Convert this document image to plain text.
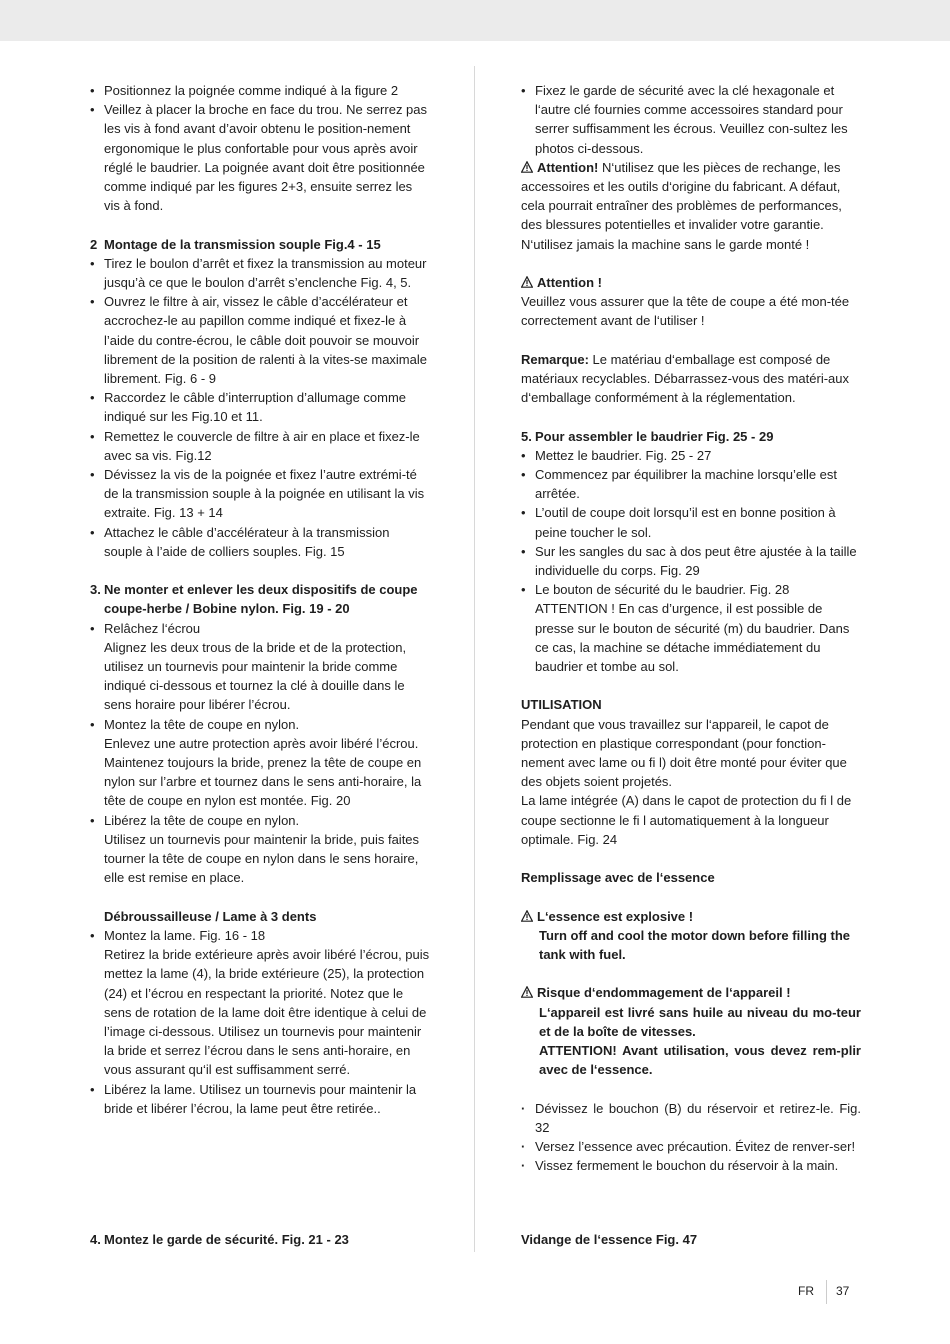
• Positionnez la poignée comme indiqué à la figure 2

• Veillez à placer la broche en face du trou. Ne serrez pas les vis à fond avant d’avoir obtenu le position-nement ergonomique le plus confortable pour vous après avoir réglé le baudrier. La poignée avant doit être positionnée comme indiqué par les figures 2+3, ensuite serrez les vis à fond.

2 Montage de la transmission souple Fig.4 - 15

• Tirez le boulon d’arrêt et fixez la transmission au moteur jusqu’à ce que le boulon d’arrêt s’enclenche Fig. 4, 5.

• Ouvrez le filtre à air, vissez le câble d’accélérateur et accrochez-le au papillon comme indiqué et fixez-le à l’aide du contre-écrou, le câble doit pouvoir se mouvoir librement de la position de ralenti à la vites-se maximale librement. Fig. 6 - 9

• Raccordez le câble d’interruption d’allumage comme indiqué sur les Fig.10 et 11.

• Remettez le couvercle de filtre à air en place et fixez-le avec sa vis. Fig.12

• Dévissez la vis de la poignée et fixez l’autre extrémi-té de la transmission souple à la poignée en utilisant la vis extraite. Fig. 13 + 14

• Attachez le câble d’accélérateur à la transmission souple à l’aide de colliers souples. Fig. 15

3. Ne monter et enlever les deux dispositifs de coupe coupe-herbe / Bobine nylon. Fig. 19 - 20

• Relâchez l‘écrou

Alignez les deux trous de la bride et de la protection, utilisez un tournevis pour maintenir la bride comme indiqué ci-dessous et tournez la clé à douille dans le sens horaire pour libérer l’écrou.

• Montez la tête de coupe en nylon.

Enlevez une autre protection après avoir libéré l’écrou. Maintenez toujours la bride, prenez la tête de coupe en nylon sur l’arbre et tournez dans le sens anti-horaire, la tête de coupe en nylon est montée. Fig. 20

• Libérez la tête de coupe en nylon.

Utilisez un tournevis pour maintenir la bride, puis faites tourner la tête de coupe en nylon dans le sens horaire, elle est remise en place.

Débroussailleuse / Lame à 3 dents

• Montez la lame. Fig. 16 - 18

Retirez la bride extérieure après avoir libéré l’écrou, puis mettez la lame (4), la bride extérieure (25), la protection (24) et l’écrou en respectant la priorité. Notez que le sens de rotation de la lame doit être identique à celui de l’image ci-dessous. Utilisez un tournevis pour maintenir la bride et serrez l’écrou dans le sens anti-horaire, en vous assurant qu‘il est suffisamment serré.

• Libérez la lame. Utilisez un tournevis pour maintenir la bride et libérer l’écrou, la lame peut être retirée..

4. Montez le garde de sécurité. Fig. 21 - 23

• Fixez le garde de sécurité avec la clé hexagonale et l‘autre clé fournies comme accessoires standard pour serrer suffisamment les écrous. Veuillez con-sultez les photos ci-dessous.

Attention! N‘utilisez que les pièces de rechange, les accessoires et les outils d‘origine du fabricant. A défaut, cela pourrait entraîner des problèmes de performances, des blessures potentielles et invalider votre garantie. N‘utilisez jamais la machine sans le garde monté !

Attention !

Veuillez vous assurer que la tête de coupe a été mon-tée correctement avant de l‘utiliser !

Remarque: Le matériau d‘emballage est composé de matériaux recyclables. Débarrassez-vous des matéri-aux d‘emballage conformément à la réglementation.

5. Pour assembler le baudrier Fig. 25 - 29

• Mettez le baudrier. Fig. 25 - 27

• Commencez par équilibrer la machine lorsqu’elle est arrêtée.

• L’outil de coupe doit lorsqu’il est en bonne position à peine toucher le sol.

• Sur les sangles du sac à dos peut être ajustée à la taille individuelle du corps. Fig. 29

• Le bouton de sécurité du le baudrier. Fig. 28

ATTENTION ! En cas d’urgence, il est possible de presse sur le bouton de sécurité (m) du baudrier. Dans ce cas, la machine se détache immédiatement du baudrier et tombe au sol.

UTILISATION

Pendant que vous travaillez sur l‘appareil, le capot de protection en plastique correspondant (pour fonction-nement avec lame ou fi l) doit être monté pour éviter que des objets soient projetés.

La lame intégrée (A) dans le capot de protection du fi l de coupe sectionne le fi l automatiquement à la longueur optimale. Fig. 24

Remplissage avec de l‘essence

L‘essence est explosive !

Turn off and cool the motor down before filling the tank with fuel.

Risque d‘endommagement de l‘appareil !

L‘appareil est livré sans huile au niveau du mo-teur et de la boîte de vitesses.

ATTENTION! Avant utilisation, vous devez rem-plir avec de l‘essence.

· Dévissez le bouchon (B) du réservoir et retirez-le. Fig. 32

· Versez l’essence avec précaution. Évitez de renver-ser!

· Vissez fermement le bouchon du réservoir à la main.

Vidange de l‘essence Fig. 47

FR 37
